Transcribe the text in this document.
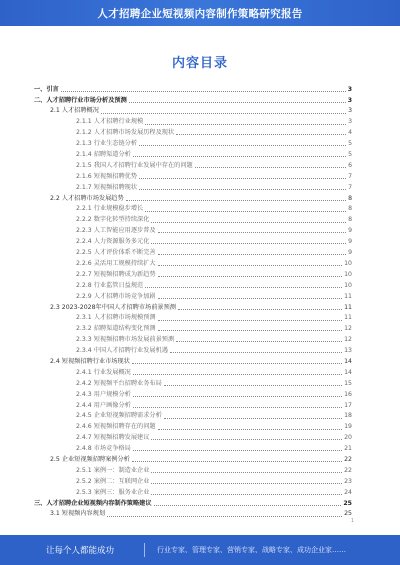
人才招聘企业短视频内容制作策略研究报告
内容目录
一、引言	3
二、人才招聘行业市场分析及预测	3
2.1 人才招聘概况	3
2.1.1 人才招聘行业规模	3
2.1.2 人才招聘市场发展历程及现状	4
2.1.3 行业生态链分析	5
2.1.4 招聘渠道分析	5
2.1.5 我国人才招聘行业发展中存在的问题	6
2.1.6 短视频招聘优势	7
2.1.7 短视频招聘现状	7
2.2 人才招聘市场发展趋势	8
2.2.1 行业规模稳步增长	8
2.2.2 数字化转型持续深化	8
2.2.3 人工智能应用逐步普及	9
2.2.4 人力资源服务多元化	9
2.2.5 人才评价体系不断完善	9
2.2.6 灵活用工规模持续扩大	10
2.2.7 短视频招聘成为新趋势	10
2.2.8 行业监管日益规范	10
2.2.9 人才招聘市场竞争加剧	11
2.3 2023-2028年中国人才招聘市场前景预测	11
2.3.1 人才招聘市场规模预测	11
2.3.2 招聘渠道结构变化预测	12
2.3.3 短视频招聘市场发展前景预测	12
2.3.4 中国人才招聘行业发展机遇	13
2.4 短视频招聘行业市场现状	14
2.4.1 行业发展概况	14
2.4.2 短视频平台招聘业务布局	15
2.4.3 用户规模分析	16
2.4.4 用户画像分析	17
2.4.5 企业短视频招聘需求分析	18
2.4.6 短视频招聘存在的问题	19
2.4.7 短视频招聘发展建议	20
2.4.8 市场竞争格局	21
2.5 企业短视频招聘案例分析	22
2.5.1 案例一：制造业企业	22
2.5.2 案例二：互联网企业	23
2.5.3 案例三：服务业企业	24
三、人才招聘企业短视频内容制作策略建议	25
3.1 短视频内容规划	25
1
让每个人都能成功	行业专家、管理专家、营销专家、战略专家、成功企业家……
